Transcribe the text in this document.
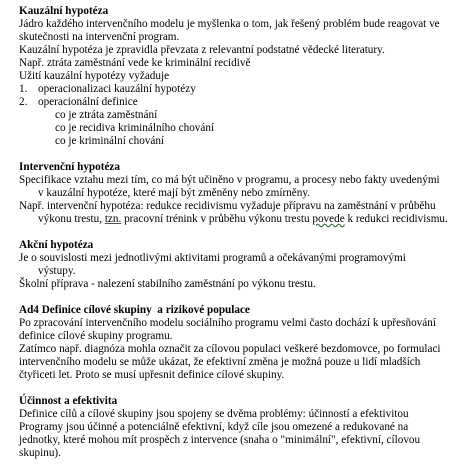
Kauzální hypotéza
Jádro každého intervenčního modelu je myšlenka o tom, jak řešený problém bude reagovat ve
skutečnosti na intervenční program.
Kauzální hypotéza je zpravidla převzata z relevantní podstatné vědecké literatury.
Např. ztráta zaměstnání vede ke kriminální recidivě
Užití kauzální hypotézy vyžaduje
1. operacionalizaci kauzální hypotézy
2. operacionální definice
co je ztráta zaměstnání
co je recidiva kriminálního chování
co je kriminální chování
Intervenční hypotéza
Specifikace vztahu mezi tím, co má být učiněno v programu, a procesy nebo fakty uvedenými
v kauzální hypotéze, které mají být změněny nebo zmírněny.
Např. intervenční hypotéza: redukce recidivismu vyžaduje přípravu na zaměstnání v průběhu
výkonu trestu, tzn. pracovní trénink v průběhu výkonu trestu povede k redukci recidivismu.
Akční hypotéza
Je o souvislosti mezi jednotlivými aktivitami programů a očekávanými programovými
výstupy.
Školní příprava - nalezení stabilního zaměstnání po výkonu trestu.
Ad4 Definice cílové skupiny  a rizikové populace
Po zpracování intervenčního modelu sociálního programu velmi často dochází k upřesňování
definice cílové skupiny programu.
Zatímco např. diagnóza mohla označit za cílovou populaci veškeré bezdomovce, po formulaci
intervenčního modelu se může ukázat, že efektivní změna je možná pouze u lidí mladších
čtyřiceti let. Proto se musí upřesnit definice cílové skupiny.
Účinnost a efektivita
Definice cílů a cílové skupiny jsou spojeny se dvěma problémy: účinností a efektivitou
Programy jsou účinné a potenciálně efektivní, když cíle jsou omezené a redukované na
jednotky, které mohou mít prospěch z intervence (snaha o "minimální", efektivní, cílovou
skupinu).
